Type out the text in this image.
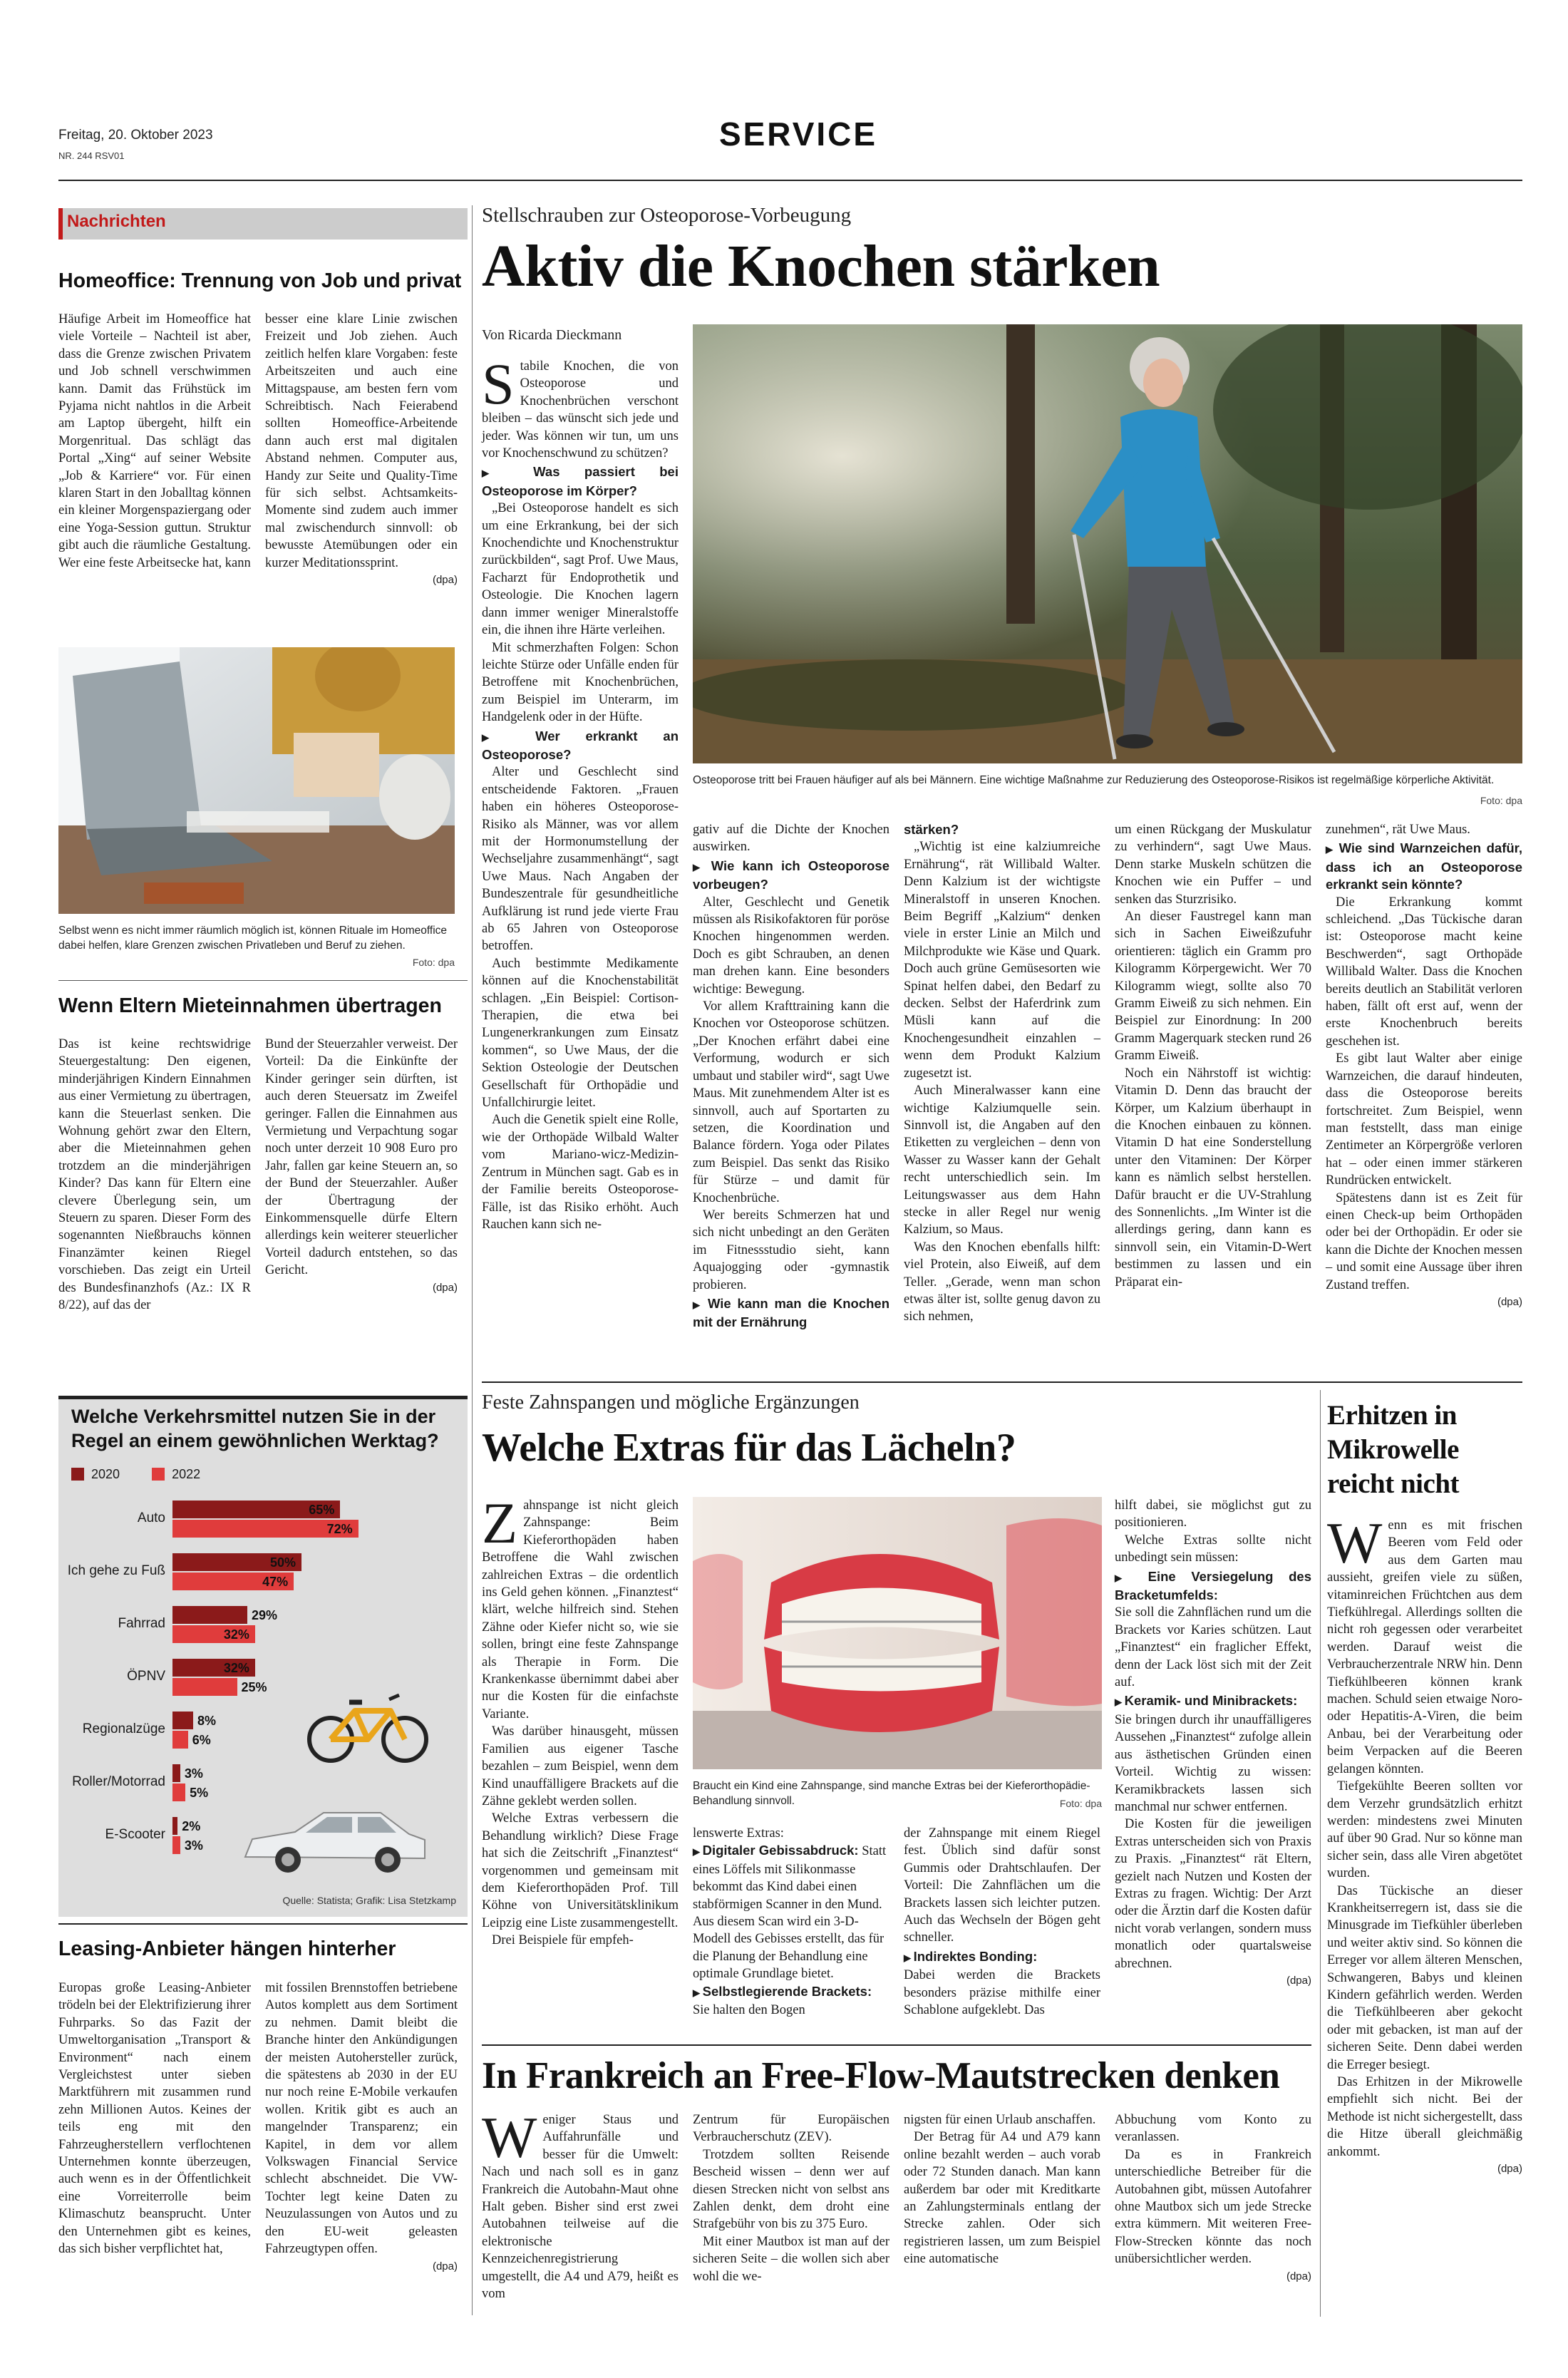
Freitag, 20. Oktober 2023
NR. 244 RSV01
SERVICE
Nachrichten
Homeoffice: Trennung von Job und privat

Häufige Arbeit im Homeoffice hat viele Vorteile – Nachteil ist aber, dass die Grenze zwischen Privatem und Job schnell verschwimmen kann. Damit das Frühstück im Pyjama nicht nahtlos in die Arbeit am Laptop übergeht, hilft ein Morgenritual. Das schlägt das Portal „Xing“ auf seiner Website „Job & Karriere“ vor. Für einen klaren Start in den Joballtag können ein kleiner Morgenspaziergang oder eine Yoga-Session guttun. Struktur gibt auch die räumliche Gestaltung. Wer eine feste Arbeitsecke hat, kann

besser eine klare Linie zwischen Freizeit und Job ziehen. Auch zeitlich helfen klare Vorgaben: feste Arbeitszeiten und auch eine Mittagspause, am besten fern vom Schreibtisch. Nach Feierabend sollten Homeoffice-Arbeitende dann auch erst mal digitalen Abstand nehmen. Computer aus, Handy zur Seite und Quality-Time für sich selbst. Achtsamkeits-Momente sind zudem auch immer mal zwischendurch sinnvoll: ob bewusste Atemübungen oder ein kurzer Meditationssprint.

(dpa)
Selbst wenn es nicht immer räumlich möglich ist, können Rituale im Homeoffice dabei helfen, klare Grenzen zwischen Privatleben und Beruf zu ziehen.
Foto: dpa
Wenn Eltern Mieteinnahmen übertragen

Das ist keine rechtswidrige Steuergestaltung: Den eigenen, minderjährigen Kindern Einnahmen aus einer Vermietung zu übertragen, kann die Steuerlast senken. Die Wohnung gehört zwar den Eltern, aber die Mieteinnahmen gehen trotzdem an die minderjährigen Kinder? Das kann für Eltern eine clevere Überlegung sein, um Steuern zu sparen. Dieser Form des sogenannten Nießbrauchs können Finanzämter keinen Riegel vorschieben. Das zeigt ein Urteil des Bundesfinanzhofs (Az.: IX R 8/22), auf das der

Bund der Steuerzahler verweist. Der Vorteil: Da die Einkünfte der Kinder geringer sein dürften, ist auch deren Steuersatz im Zweifel geringer. Fallen die Einnahmen aus Vermietung und Verpachtung sogar noch unter derzeit 10 908 Euro pro Jahr, fallen gar keine Steuern an, so der Bund der Steuerzahler. Außer der Übertragung der Einkommensquelle dürfe Eltern allerdings kein weiterer steuerlicher Vorteil dadurch entstehen, so das Gericht.

(dpa)
Welche Verkehrsmittel nutzen Sie in der Regel an einem gewöhnlichen Werktag?
2020	2022
Auto
65%
72%
Ich gehe zu Fuß
50%
47%
Fahrrad
29%
32%
ÖPNV
32%
25%
Regionalzüge
8%
6%
Roller/Motorrad
3%
5%
E-Scooter
2%
3%
Quelle: Statista; Grafik: Lisa Stetzkamp
Leasing-Anbieter hängen hinterher

Europas große Leasing-Anbieter trödeln bei der Elektrifizierung ihrer Fuhrparks. So das Fazit der Umweltorganisation „Transport & Environment“ nach einem Vergleichstest unter sieben Marktführern mit zusammen rund zehn Millionen Autos. Keines der teils eng mit den Fahrzeugherstellern verflochtenen Unternehmen konnte überzeugen, auch wenn es in der Öffentlichkeit eine Vorreiterrolle beim Klimaschutz beansprucht. Unter den Unternehmen gibt es keines, das sich bisher verpflichtet hat,

mit fossilen Brennstoffen betriebene Autos komplett aus dem Sortiment zu nehmen. Damit bleibt die Branche hinter den Ankündigungen der meisten Autohersteller zurück, die spätestens ab 2030 in der EU nur noch reine E-Mobile verkaufen wollen. Kritik gibt es auch an mangelnder Transparenz; ein Kapitel, in dem vor allem Volkswagen Financial Service schlecht abschneidet. Die VW-Tochter legt keine Daten zu Neuzulassungen von Autos und zu den EU-weit geleasten Fahrzeugtypen offen.

(dpa)
Stellschrauben zur Osteoporose-Vorbeugung
Aktiv die Knochen stärken
Von Ricarda Dieckmann

Stabile Knochen, die von Osteoporose und Knochenbrüchen verschont bleiben – das wünscht sich jede und jeder. Was können wir tun, um uns vor Knochenschwund zu schützen?

▶ Was passiert bei Osteoporose im Körper?

„Bei Osteoporose handelt es sich um eine Erkrankung, bei der sich Knochendichte und Knochenstruktur zurückbilden“, sagt Prof. Uwe Maus, Facharzt für Endoprothetik und Osteologie. Die Knochen lagern dann immer weniger Mineralstoffe ein, die ihnen ihre Härte verleihen.

Mit schmerzhaften Folgen: Schon leichte Stürze oder Unfälle enden für Betroffene mit Knochenbrüchen, zum Beispiel im Unterarm, im Handgelenk oder in der Hüfte.

▶ Wer erkrankt an Osteoporose?

Alter und Geschlecht sind entscheidende Faktoren. „Frauen haben ein höheres Osteoporose-Risiko als Männer, was vor allem mit der Hormonumstellung der Wechseljahre zusammenhängt“, sagt Uwe Maus. Nach Angaben der Bundeszentrale für gesundheitliche Aufklärung ist rund jede vierte Frau ab 65 Jahren von Osteoporose betroffen.

Auch bestimmte Medikamente können auf die Knochenstabilität schlagen. „Ein Beispiel: Cortison-Therapien, die etwa bei Lungenerkrankungen zum Einsatz kommen“, so Uwe Maus, der die Sektion Osteologie der Deutschen Gesellschaft für Orthopädie und Unfallchirurgie leitet.

Auch die Genetik spielt eine Rolle, wie der Orthopäde Wilbald Walter vom Mariano-wicz-Medizin-Zentrum in München sagt. Gab es in der Familie bereits Osteoporose-Fälle, ist das Risiko erhöht. Auch Rauchen kann sich ne-

Osteoporose tritt bei Frauen häufiger auf als bei Männern. Eine wichtige Maßnahme zur Reduzierung des Osteoporose-Risikos ist regelmäßige körperliche Aktivität.
Foto: dpa

gativ auf die Dichte der Knochen auswirken.

▶ Wie kann ich Osteoporose vorbeugen?

Alter, Geschlecht und Genetik müssen als Risikofaktoren für poröse Knochen hingenommen werden. Doch es gibt Schrauben, an denen man drehen kann. Eine besonders wichtige: Bewegung.

Vor allem Krafttraining kann die Knochen vor Osteoporose schützen. „Der Knochen erfährt dabei eine Verformung, wodurch er sich umbaut und stabiler wird“, sagt Uwe Maus. Mit zunehmendem Alter ist es sinnvoll, auch auf Sportarten zu setzen, die Koordination und Balance fördern. Yoga oder Pilates zum Beispiel. Das senkt das Risiko für Stürze – und damit für Knochenbrüche.

Wer bereits Schmerzen hat und sich nicht unbedingt an den Geräten im Fitnessstudio sieht, kann Aquajogging oder -gymnastik probieren.

▶ Wie kann man die Knochen mit der Ernährung

stärken?

„Wichtig ist eine kalziumreiche Ernährung“, rät Willibald Walter. Denn Kalzium ist der wichtigste Mineralstoff in unseren Knochen. Beim Begriff „Kalzium“ denken viele in erster Linie an Milch und Milchprodukte wie Käse und Quark. Doch auch grüne Gemüsesorten wie Spinat helfen dabei, den Bedarf zu decken. Selbst der Haferdrink zum Müsli kann auf die Knochengesundheit einzahlen – wenn dem Produkt Kalzium zugesetzt ist.

Auch Mineralwasser kann eine wichtige Kalziumquelle sein. Sinnvoll ist, die Angaben auf den Etiketten zu vergleichen – denn von Wasser zu Wasser kann der Gehalt recht unterschiedlich sein. Im Leitungswasser aus dem Hahn stecke in aller Regel nur wenig Kalzium, so Maus.

Was den Knochen ebenfalls hilft: viel Protein, also Eiweiß, auf dem Teller. „Gerade, wenn man schon etwas älter ist, sollte genug davon zu sich nehmen,

um einen Rückgang der Muskulatur zu verhindern“, sagt Uwe Maus. Denn starke Muskeln schützen die Knochen wie ein Puffer – und senken das Sturzrisiko.

An dieser Faustregel kann man sich in Sachen Eiweißzufuhr orientieren: täglich ein Gramm pro Kilogramm Körpergewicht. Wer 70 Kilogramm wiegt, sollte also 70 Gramm Eiweiß zu sich nehmen. Ein Beispiel zur Einordnung: In 200 Gramm Magerquark stecken rund 26 Gramm Eiweiß.

Noch ein Nährstoff ist wichtig: Vitamin D. Denn das braucht der Körper, um Kalzium überhaupt in die Knochen einbauen zu können. Vitamin D hat eine Sonderstellung unter den Vitaminen: Der Körper kann es nämlich selbst herstellen. Dafür braucht er die UV-Strahlung des Sonnenlichts. „Im Winter ist die allerdings gering, dann kann es sinnvoll sein, ein Vitamin-D-Wert bestimmen zu lassen und ein Präparat ein-

zunehmen“, rät Uwe Maus.

▶ Wie sind Warnzeichen dafür, dass ich an Osteoporose erkrankt sein könnte?

Die Erkrankung kommt schleichend. „Das Tückische daran ist: Osteoporose macht keine Beschwerden“, sagt Orthopäde Willibald Walter. Dass die Knochen bereits deutlich an Stabilität verloren haben, fällt oft erst auf, wenn der erste Knochenbruch bereits geschehen ist.

Es gibt laut Walter aber einige Warnzeichen, die darauf hindeuten, dass die Osteoporose bereits fortschreitet. Zum Beispiel, wenn man feststellt, dass man einige Zentimeter an Körpergröße verloren hat – oder einen immer stärkeren Rundrücken entwickelt.

Spätestens dann ist es Zeit für einen Check-up beim Orthopäden oder bei der Orthopädin. Er oder sie kann die Dichte der Knochen messen – und somit eine Aussage über ihren Zustand treffen.

(dpa)
Feste Zahnspangen und mögliche Ergänzungen
Welche Extras für das Lächeln?

Zahnspange ist nicht gleich Zahnspange: Beim Kieferorthopäden haben Betroffene die Wahl zwischen zahlreichen Extras – die ordentlich ins Geld gehen können. „Finanztest“ klärt, welche hilfreich sind. Stehen Zähne oder Kiefer nicht so, wie sie sollen, bringt eine feste Zahnspange als Therapie in Form. Die Krankenkasse übernimmt dabei aber nur die Kosten für die einfachste Variante.

Was darüber hinausgeht, müssen Familien aus eigener Tasche bezahlen – zum Beispiel, wenn dem Kind unauffälligere Brackets auf die Zähne geklebt werden sollen.

Welche Extras verbessern die Behandlung wirklich? Diese Frage hat sich die Zeitschrift „Finanztest“ vorgenommen und gemeinsam mit dem Kieferorthopäden Prof. Till Köhne von Universitätsklinikum Leipzig eine Liste zusammengestellt.

Drei Beispiele für empfeh-

Braucht ein Kind eine Zahnspange, sind manche Extras bei der Kieferorthopädie-Behandlung sinnvoll.	Foto: dpa

lenswerte Extras:

▶ Digitaler Gebissabdruck: Statt eines Löffels mit Silikonmasse bekommt das Kind dabei einen stabförmigen Scanner in den Mund. Aus diesem Scan wird ein 3-D-Modell des Gebisses erstellt, das für die Planung der Behandlung eine optimale Grundlage bietet.

▶ Selbstlegierende Brackets:

Sie halten den Bogen

der Zahnspange mit einem Riegel fest. Üblich sind dafür sonst Gummis oder Drahtschlaufen. Der Vorteil: Die Zahnflächen um die Brackets lassen sich leichter putzen. Auch das Wechseln der Bögen geht schneller.

▶ Indirektes Bonding:

Dabei werden die Brackets besonders präzise mithilfe einer Schablone aufgeklebt. Das

hilft dabei, sie möglichst gut zu positionieren.

Welche Extras sollte nicht unbedingt sein müssen:

▶ Eine Versiegelung des Bracketumfelds:

Sie soll die Zahnflächen rund um die Brackets vor Karies schützen. Laut „Finanztest“ ein fraglicher Effekt, denn der Lack löst sich mit der Zeit auf.

▶ Keramik- und Minibrackets:

Sie bringen durch ihr unauffälligeres Aussehen „Finanztest“ zufolge allein aus ästhetischen Gründen einen Vorteil. Wichtig zu wissen: Keramikbrackets lassen sich manchmal nur schwer entfernen.

Die Kosten für die jeweiligen Extras unterscheiden sich von Praxis zu Praxis. „Finanztest“ rät Eltern, gezielt nach Nutzen und Kosten der Extras zu fragen. Wichtig: Der Arzt oder die Ärztin darf die Kosten dafür nicht vorab verlangen, sondern muss monatlich oder quartalsweise abrechnen.

(dpa)
Erhitzen in Mikrowelle reicht nicht

Wenn es mit frischen Beeren vom Feld oder aus dem Garten mau aussieht, greifen viele zu süßen, vitaminreichen Früchtchen aus dem Tiefkühlregal. Allerdings sollten die nicht roh gegessen oder verarbeitet werden. Darauf weist die Verbraucherzentrale NRW hin. Denn Tiefkühlbeeren können krank machen. Schuld seien etwaige Noro- oder Hepatitis-A-Viren, die beim Anbau, bei der Verarbeitung oder beim Verpacken auf die Beeren gelangen könnten.

Tiefgekühlte Beeren sollten vor dem Verzehr grundsätzlich erhitzt werden: mindestens zwei Minuten auf über 90 Grad. Nur so könne man sicher sein, dass alle Viren abgetötet wurden.

Das Tückische an dieser Krankheitserregern ist, dass sie die Minusgrade im Tiefkühler überleben und weiter aktiv sind. So können die Erreger vor allem älteren Menschen, Schwangeren, Babys und kleinen Kindern gefährlich werden. Werden die Tiefkühlbeeren aber gekocht oder mit gebacken, ist man auf der sicheren Seite. Denn dabei werden die Erreger besiegt.

Das Erhitzen in der Mikrowelle empfiehlt sich nicht. Bei der Methode ist nicht sichergestellt, dass die Hitze überall gleichmäßig ankommt.

(dpa)
In Frankreich an Free-Flow-Mautstrecken denken

Weniger Staus und Auffahrunfälle und besser für die Umwelt: Nach und nach soll es in ganz Frankreich die Autobahn-Maut ohne Halt geben. Bisher sind erst zwei Autobahnen teilweise auf die elektronische Kennzeichenregistrierung umgestellt, die A4 und A79, heißt es vom

Zentrum für Europäischen Verbraucherschutz (ZEV).

Trotzdem sollten Reisende Bescheid wissen – denn wer auf diesen Strecken nicht von selbst ans Zahlen denkt, dem droht eine Strafgebühr von bis zu 375 Euro.

Mit einer Mautbox ist man auf der sicheren Seite – die wollen sich aber wohl die we-

nigsten für einen Urlaub anschaffen.

Der Betrag für A4 und A79 kann online bezahlt werden – auch vorab oder 72 Stunden danach. Man kann außerdem bar oder mit Kreditkarte an Zahlungsterminals entlang der Strecke zahlen. Oder sich registrieren lassen, um zum Beispiel eine automatische

Abbuchung vom Konto zu veranlassen.

Da es in Frankreich unterschiedliche Betreiber für die Autobahnen gibt, müssen Autofahrer ohne Mautbox sich um jede Strecke extra kümmern. Mit weiteren Free-Flow-Strecken könnte das noch unübersichtlicher werden.

(dpa)
